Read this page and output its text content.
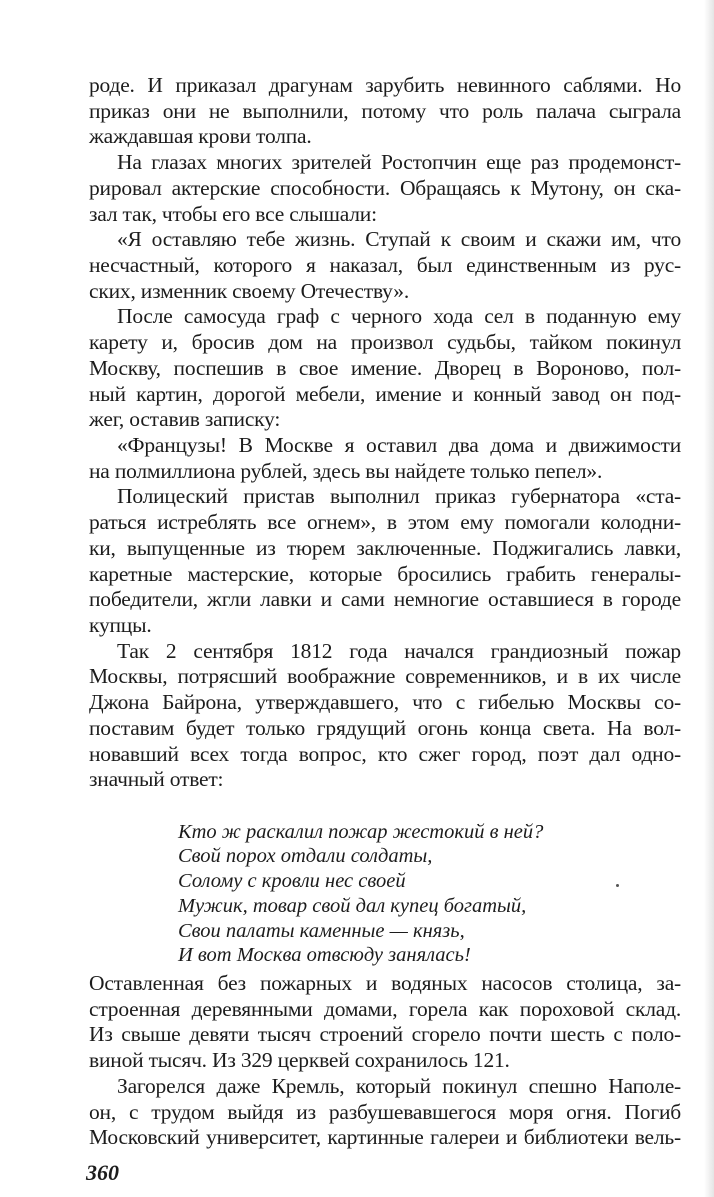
роде. И приказал драгунам зарубить невинного саблями. Но
приказ они не выполнили, потому что роль палача сыграла
жаждавшая крови толпа.
На глазах многих зрителей Ростопчин еще раз продемонст-
рировал актерские способности. Обращаясь к Мутону, он ска-
зал так, чтобы его все слышали:
«Я оставляю тебе жизнь. Ступай к своим и скажи им, что
несчастный, которого я наказал, был единственным из рус-
ских, изменник своему Отечеству».
После самосуда граф с черного хода сел в поданную ему
карету и, бросив дом на произвол судьбы, тайком покинул
Москву, поспешив в свое имение. Дворец в Вороново, пол-
ный картин, дорогой мебели, имение и конный завод он под-
жег, оставив записку:
«Французы! В Москве я оставил два дома и движимости
на полмиллиона рублей, здесь вы найдете только пепел».
Полицеский пристав выполнил приказ губернатора «ста-
раться истреблять все огнем», в этом ему помогали колодни-
ки, выпущенные из тюрем заключенные. Поджигались лавки,
каретные мастерские, которые бросились грабить генералы-
победители, жгли лавки и сами немногие оставшиеся в городе
купцы.
Так 2 сентября 1812 года начался грандиозный пожар
Москвы, потрясший воображние современников, и в их числе
Джона Байрона, утверждавшего, что с гибелью Москвы со-
поставим будет только грядущий огонь конца света. На вол-
новавший всех тогда вопрос, кто сжег город, поэт дал одно-
значный ответ:
Кто ж раскалил пожар жестокий в ней?
Свой порох отдали солдаты,
Солому с кровли нес своей
Мужик, товар свой дал купец богатый,
Свои палаты каменные — князь,
И вот Москва отвсюду занялась!
Оставленная без пожарных и водяных насосов столица, за-
строенная деревянными домами, горела как пороховой склад.
Из свыше девяти тысяч строений сгорело почти шесть с поло-
виной тысяч. Из 329 церквей сохранилось 121.
Загорелся даже Кремль, который покинул спешно Наполе-
360
он, с трудом выйдя из разбушевавшегося моря огня. Погиб
Московский университет, картинные галереи и библиотеки вель-
